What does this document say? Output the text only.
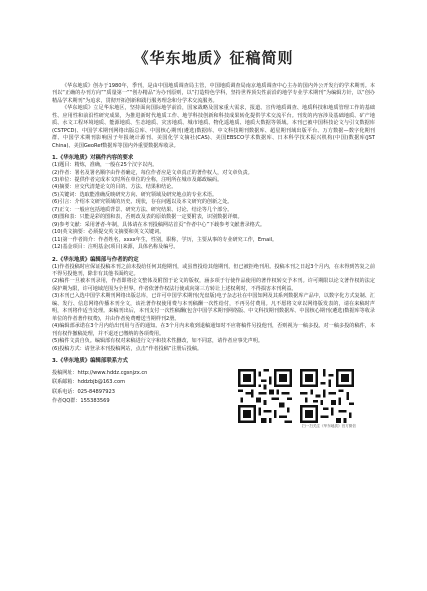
《华东地质》征稿简则

《华东地质》创办于1980年，季刊，是由中国地质调查局主管，中国地质调查局南京地质调查中心主办的国内外公开发行的学术期刊。本刊以“正确的办刊方向”“质量第一”“创办精品”为办刊原则，以“打造特色学科，坚持世界顶尖性前沿的地学专业学术期刊”为编辑方针，以“创办精品学术期刊”为追求，贯彻开拓创新和践行服务理念和分学术交流服务。

《华东地质》立足华东地区，坚持面向国际地学前沿，国家战略及国家重大需求，报道、宣传地质调查、地质科技和地质管理工作的基础性、应用性和前沿性研究成果，为推进新时代地质工作、地学科技创新和科技成果转化提供学术交流平台。刊发的内容涉及基础地质、矿产地质、水文工程环境地质、能源地质、生态地质、灾害地质、城市地质、物化遥地质、地质大数据等领域。本刊已被中国科技论文与引文数据库(CSTPCD)、中国学术期刊网络出版总库、中国核心期刊(遴选)数据库、中文科技期刊数据库、超星期刊域出版平台、万方数据—数字化期刊群、中国学术期刊影响因子年报统计源刊、美国化学文摘社(CAS)、美国EBSCO学术数据库、日本科学技术振兴机构(中国)数据库(JST China)、美国GeoRef数据库等国内外重要数据库收录。

1.《华东地质》对稿件内容的要求

(1)题目：精炼，准确，一般在25个汉字以内。

(2)作者：署名及署名顺序由作者确定，每位作者应是文章真正的著作权人，对文章负责。

(3)单位：提供作者完成本文时所在单位的全称，注明所在城市及邮政编码。

(4)摘要：应交代清楚论文的目的、方法、结果和结论。

(5)关键词：选取能准确反映研究方向、研究领域及研究地点的专业术语。

(6)引言：介绍本文研究领域的历史、现状，存在问题以及本文研究的创新之处。

(7)正文：一般应包括地质背景、研究方法、研究结果、讨论、结论等几个部分。

(8)图和表：只能是彩的图和表，否则改及表的原始数据一定要附表，识别数据详细。

(9)参考文献：采用著者-年制，具体请在本刊投稿网站首页“作者中心”下载参考文献著录格式。

(10)英文摘要：必须提交英文摘要和英文关键词。

(11)第一作者简介：作者姓名，xxxx年生，性别，职称，学历，主要从事的专业研究工作，Email。

(12)基金项目：注明基金(项目)来源，具体名称及编号。

2.《华东地质》编辑部与作者的约定

(1)作者投稿时应保证投稿本刊之前未投给任何其他期刊，或虽曾投给其他期刊，但已被拒绝刊用。投稿本刊之日起3个月内，在未得到答复之前不得另投他刊，除非有其他书面约定。

(2)稿件一旦被本刊录用，作者即将论文整体及附图于论文的版权，涵多项于行使作品使用的著作权转交予本刊。许可期限以论文著作权的法定保护期为限，许可地域范围为全世界。作者依著作权法行使或向第三方转让上述权利时，不得损害本刊利益。

(3)本刊已入选中国学术期刊网络出版总库，已许可中国学术期刊(光盘版)电子杂志社在中国知网及其系列数据库产品中，以数字化方式复制、汇编、发行、信息网络传播本刊全文，该社著作权使用费与本刊稿酬一次性给付，不再另付费用。凡不愿将文章以网络版发表的，请在来稿时声明，本刊将作适当处理。来稿刊出后，本刊支付一次性稿酬(包含中国学术期刊网络版、中文科技期刊数据库、中国核心期刊(遴选)数据库等收录单位的作者著作权费)，并由作者免费赠送当期样刊2册。

(4)编辑部承诺在3个月内给出刊用与否的通知。在3个月内未收到退稿通知时不应将稿件另投他刊，否则视为一稿多投。对一稿多投的稿件，本刊有权作撤稿处理，并不退还已缴纳的各项费用。

(5)稿件文责自负。编辑部有权对来稿进行文字和技术性删改，如不同意，请作者应事先声明。

(6)投稿方式：请登录本刊投稿网站，点击“作者投稿”注册后投稿。

3.《华东地质》编辑部联系方式
投稿网址：http://www.hddz.cgsnjzx.cn
联系邮箱：hddzbjb@163.com
联系电话：025-84897923
作者QQ群：155383569
扫一扫关注《华东地质》官方微信
